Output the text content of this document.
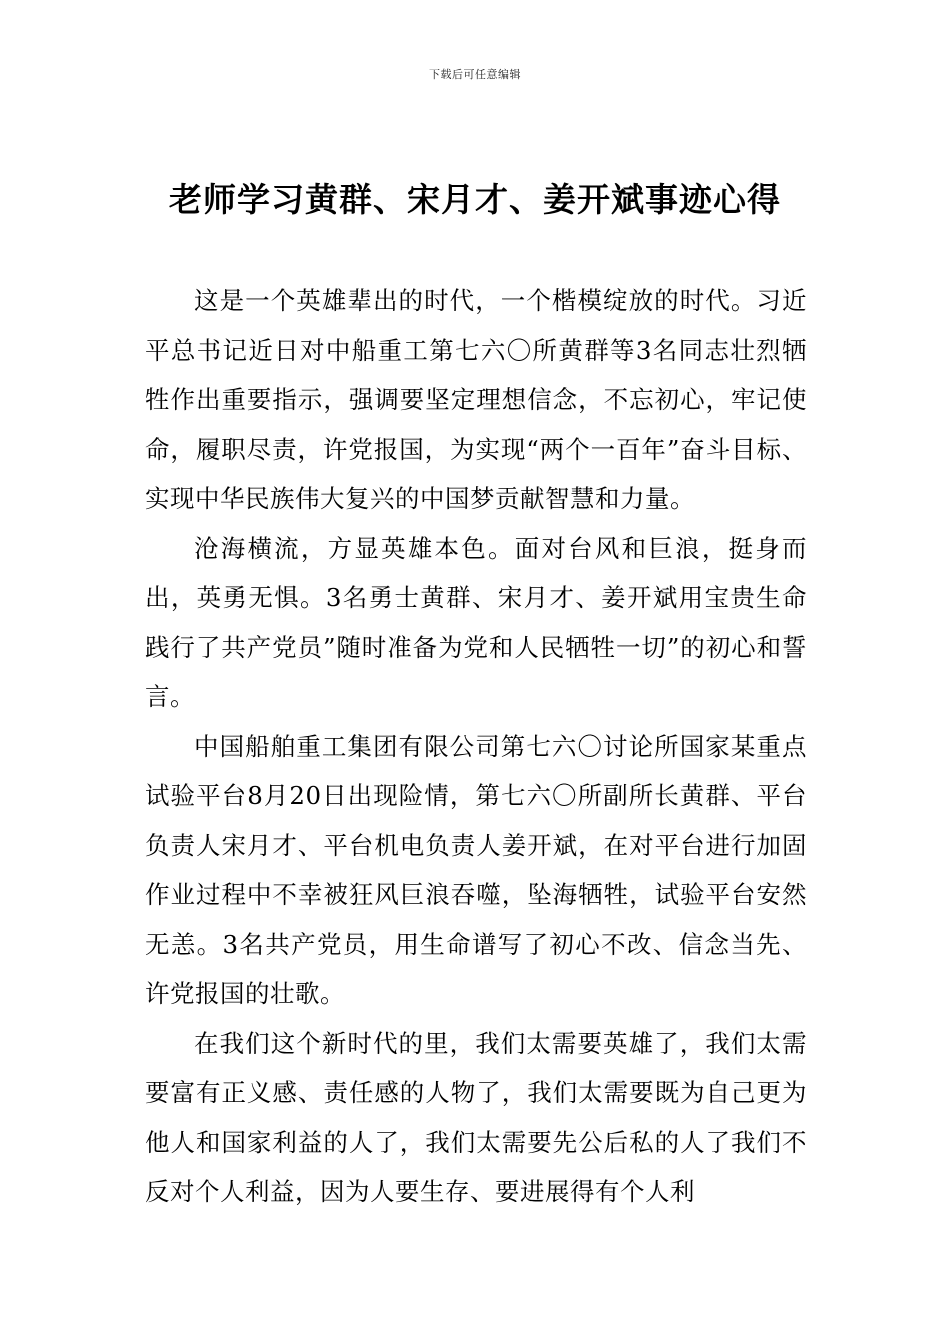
下载后可任意编辑
老师学习黄群、宋月才、姜开斌事迹心得

这是一个英雄辈出的时代，一个楷模绽放的时代。习近平总书记近日对中船重工第七六〇所黄群等3名同志壮烈牺牲作出重要指示，强调要坚定理想信念，不忘初心，牢记使命，履职尽责，许党报国，为实现“两个一百年”奋斗目标、实现中华民族伟大复兴的中国梦贡献智慧和力量。

沧海横流，方显英雄本色。面对台风和巨浪，挺身而出，英勇无惧。3名勇士黄群、宋月才、姜开斌用宝贵生命践行了共产党员”随时准备为党和人民牺牲一切”的初心和誓言。

中国船舶重工集团有限公司第七六〇讨论所国家某重点试验平台8月20日出现险情，第七六〇所副所长黄群、平台负责人宋月才、平台机电负责人姜开斌，在对平台进行加固作业过程中不幸被狂风巨浪吞噬，坠海牺牲，试验平台安然无恙。3名共产党员，用生命谱写了初心不改、信念当先、许党报国的壮歌。

在我们这个新时代的里，我们太需要英雄了，我们太需要富有正义感、责任感的人物了，我们太需要既为自己更为他人和国家利益的人了，我们太需要先公后私的人了我们不反对个人利益，因为人要生存、要进展得有个人利
